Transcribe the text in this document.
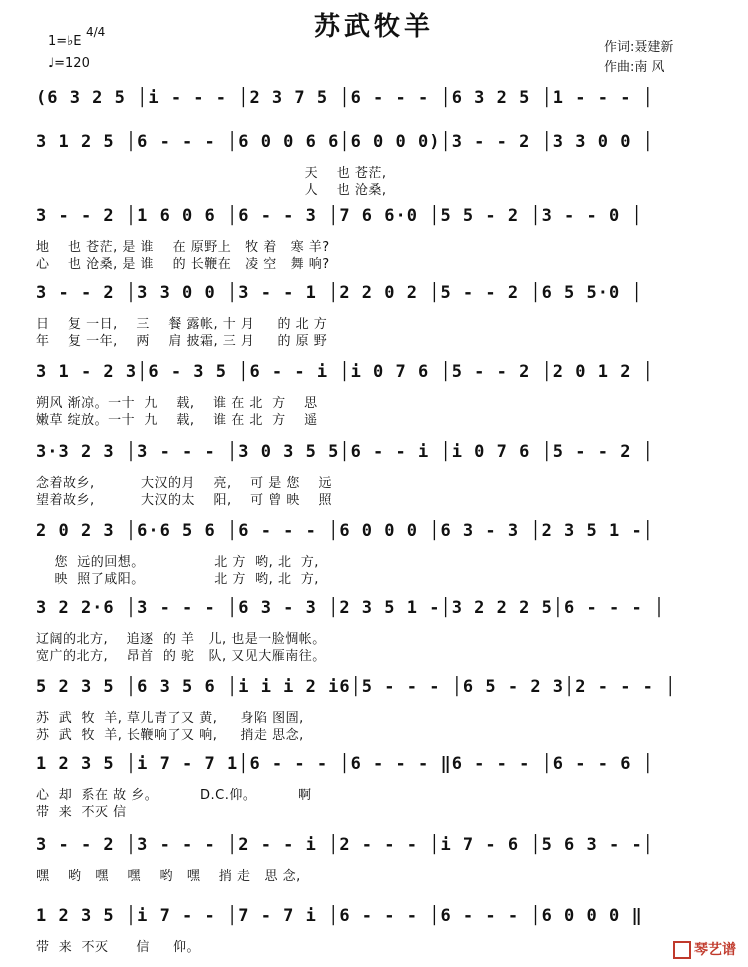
苏武牧羊
1=♭E
4/4
♩=120
作词:聂建新
作曲:南 风
(6 3 2 5 │i - - - │2 3 7 5 │6 - - - │6 3 2 5 │1 - - - │
3 1 2 5 │6 - - - │6 0 0 6 6│6 0 0 0)│3 - - 2 │3 3 0 0 │
天    也 苍茫,
人    也 沧桑,
3 - - 2 │1 6 0 6 │6 - - 3 │7 6 6·0 │5 5 - 2 │3 - - 0 │
地    也 苍茫, 是 谁    在 原野上   牧 着   寒 羊?
心    也 沧桑, 是 谁    的 长鞭在   凌 空   舞 响?
3 - - 2 │3 3 0 0 │3 - - 1 │2 2 0 2 │5 - - 2 │6 5 5·0 │
日    复 一日,    三    餐 露帐, 十 月     的 北 方
年    复 一年,    两    肩 披霜, 三 月     的 原 野
3 1 - 2 3│6 - 3 5 │6 - - i │i 0 7 6 │5 - - 2 │2 0 1 2 │
朔风 渐凉。一十  九    载,    谁 在 北  方    思
嫩草 绽放。一十  九    载,    谁 在 北  方    遥
3·3 2 3 │3 - - - │3 0 3 5 5│6 - - i │i 0 7 6 │5 - - 2 │
念着故乡,          大汉的月    亮,    可 是 您    远
望着故乡,          大汉的太    阳,    可 曾 映    照
2 0 2 3 │6·6 5 6 │6 - - - │6 0 0 0 │6 3 - 3 │2 3 5 1 -│
您  远的回想。               北 方  哟, 北  方,
映  照了咸阳。               北 方  哟, 北  方,
3 2 2·6 │3 - - - │6 3 - 3 │2 3 5 1 -│3 2 2 2 5│6 - - - │
辽阔的北方,    追逐  的 羊   儿, 也是一脸惆帐。
宽广的北方,    昂首  的 驼   队, 又见大雁南往。
5 2 3 5 │6 3 5 6 │i i i 2 i6│5 - - - │6 5 - 2 3│2 - - - │
苏  武  牧  羊, 草儿青了又 黄,     身陷 图圄,
苏  武  牧  羊, 长鞭响了又 响,     捎走 思念,
1 2 3 5 │i 7 - 7 1│6 - - - │6 - - - ‖6 - - - │6 - - 6 │
心  却  系在 故 乡。         D.C.仰。         啊
带  来  不灭 信
3 - - 2 │3 - - - │2 - - i │2 - - - │i 7 - 6 │5 6 3 - -│
嘿    哟   嘿    嘿    哟   嘿    捎 走   思 念,
1 2 3 5 │i 7 - - │7 - 7 i │6 - - - │6 - - - │6 0 0 0 ‖
带  来  不灭      信     仰。	琴艺谱
